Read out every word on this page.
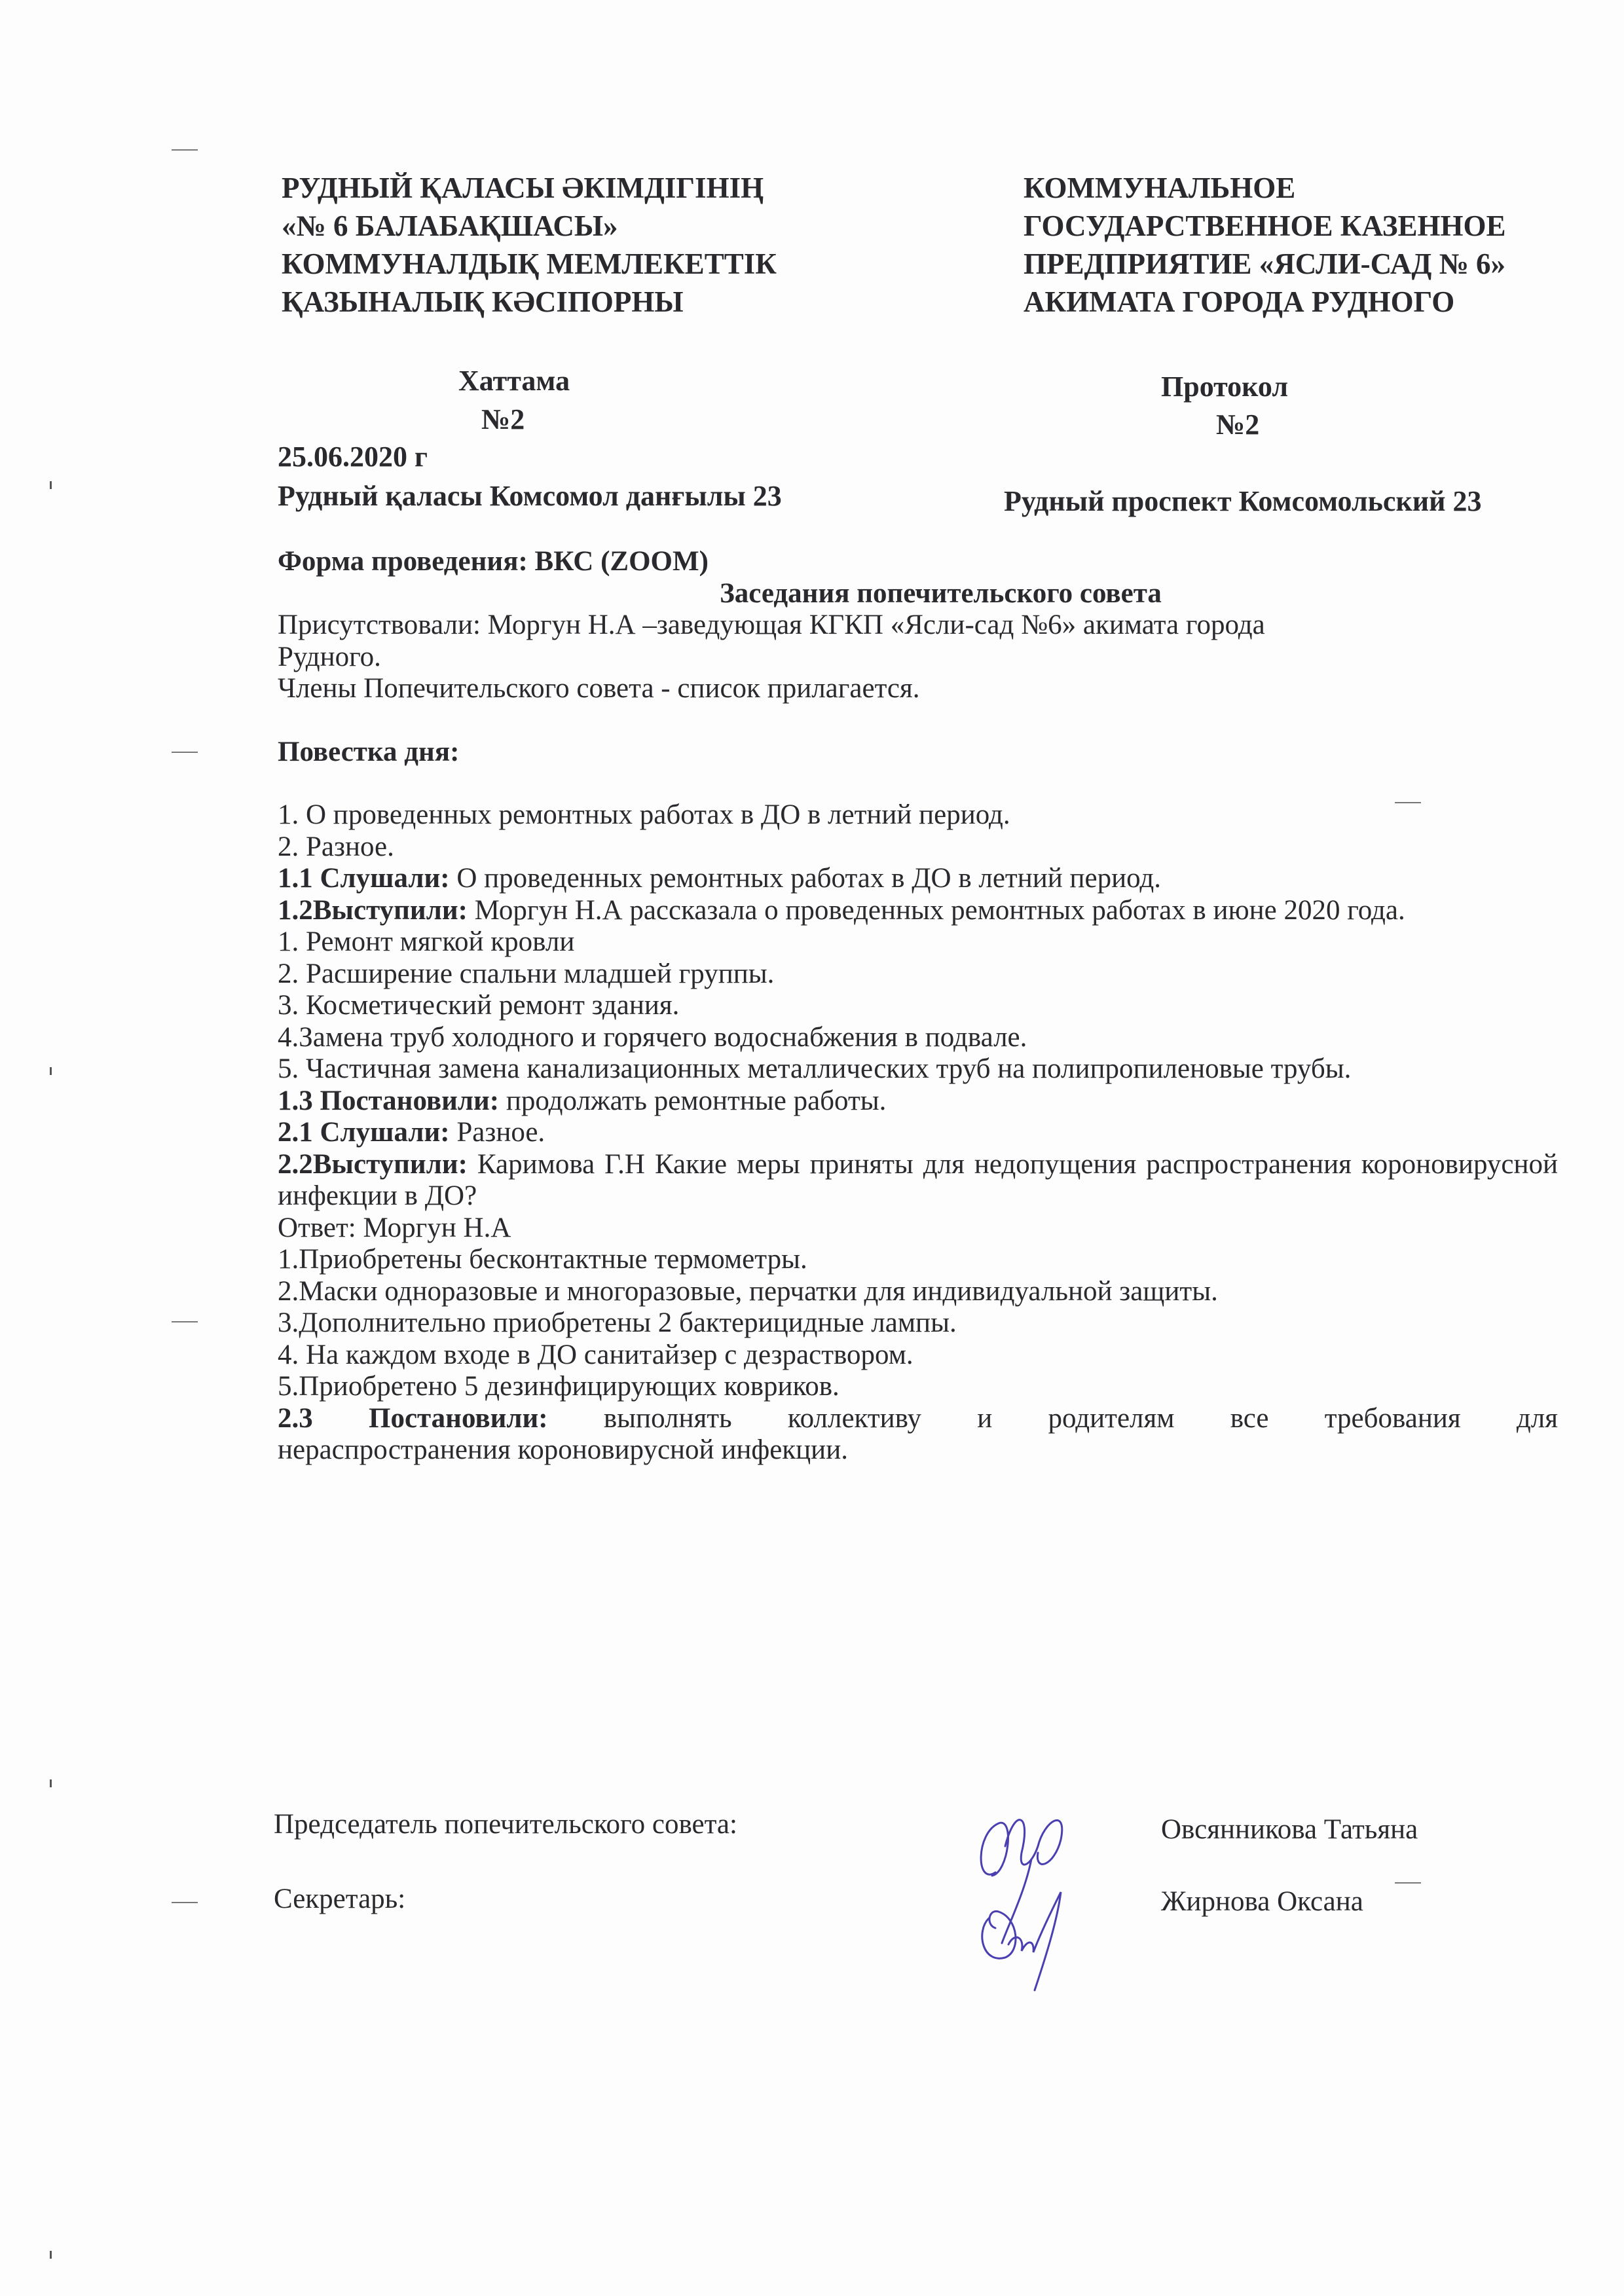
РУДНЫЙ ҚАЛАСЫ ӘКІМДІГІНІҢ
«№ 6 БАЛАБАҚШАСЫ»
КОММУНАЛДЫҚ МЕМЛЕКЕТТІК
ҚАЗЫНАЛЫҚ КӘСІПОРНЫ
КОММУНАЛЬНОЕ
ГОСУДАРСТВЕННОЕ КАЗЕННОЕ
ПРЕДПРИЯТИЕ «ЯСЛИ-САД № 6»
АКИМАТА ГОРОДА РУДНОГО
Хаттама
№2
25.06.2020 г
Рудный қаласы Комсомол данғылы 23
Протокол
№2
Рудный проспект Комсомольский 23
Форма проведения: ВКС (ZOOM)
Заседания попечительского совета
Присутствовали: Моргун Н.А –заведующая КГКП «Ясли-сад №6» акимата города
Рудного.
Члены Попечительского совета - список прилагается.
Повестка дня:
1. О проведенных ремонтных работах в ДО в летний период.
2. Разное.
1.1 Слушали: О проведенных ремонтных работах в ДО в летний период.
1.2Выступили: Моргун Н.А рассказала о проведенных ремонтных работах в июне 2020 года.
1. Ремонт мягкой кровли
2. Расширение спальни младшей группы.
3. Косметический ремонт здания.
4.Замена труб холодного и горячего водоснабжения в подвале.
5. Частичная замена канализационных металлических труб на полипропиленовые трубы.
1.3 Постановили: продолжать ремонтные работы.
2.1 Слушали: Разное.
2.2Выступили: Каримова Г.Н Какие меры приняты для недопущения распространения короновирусной инфекции в ДО?
Ответ: Моргун Н.А
1.Приобретены бесконтактные термометры.
2.Маски одноразовые и многоразовые, перчатки для индивидуальной защиты.
3.Дополнительно приобретены 2 бактерицидные лампы.
4. На каждом входе в ДО санитайзер с дезраствором.
5.Приобретено 5 дезинфицирующих ковриков.
2.3 Постановили: выполнять коллективу и родителям все требования для
нераспространения короновирусной инфекции.
Председатель попечительского совета:	Овсянникова Татьяна
Секретарь:	Жирнова Оксана
